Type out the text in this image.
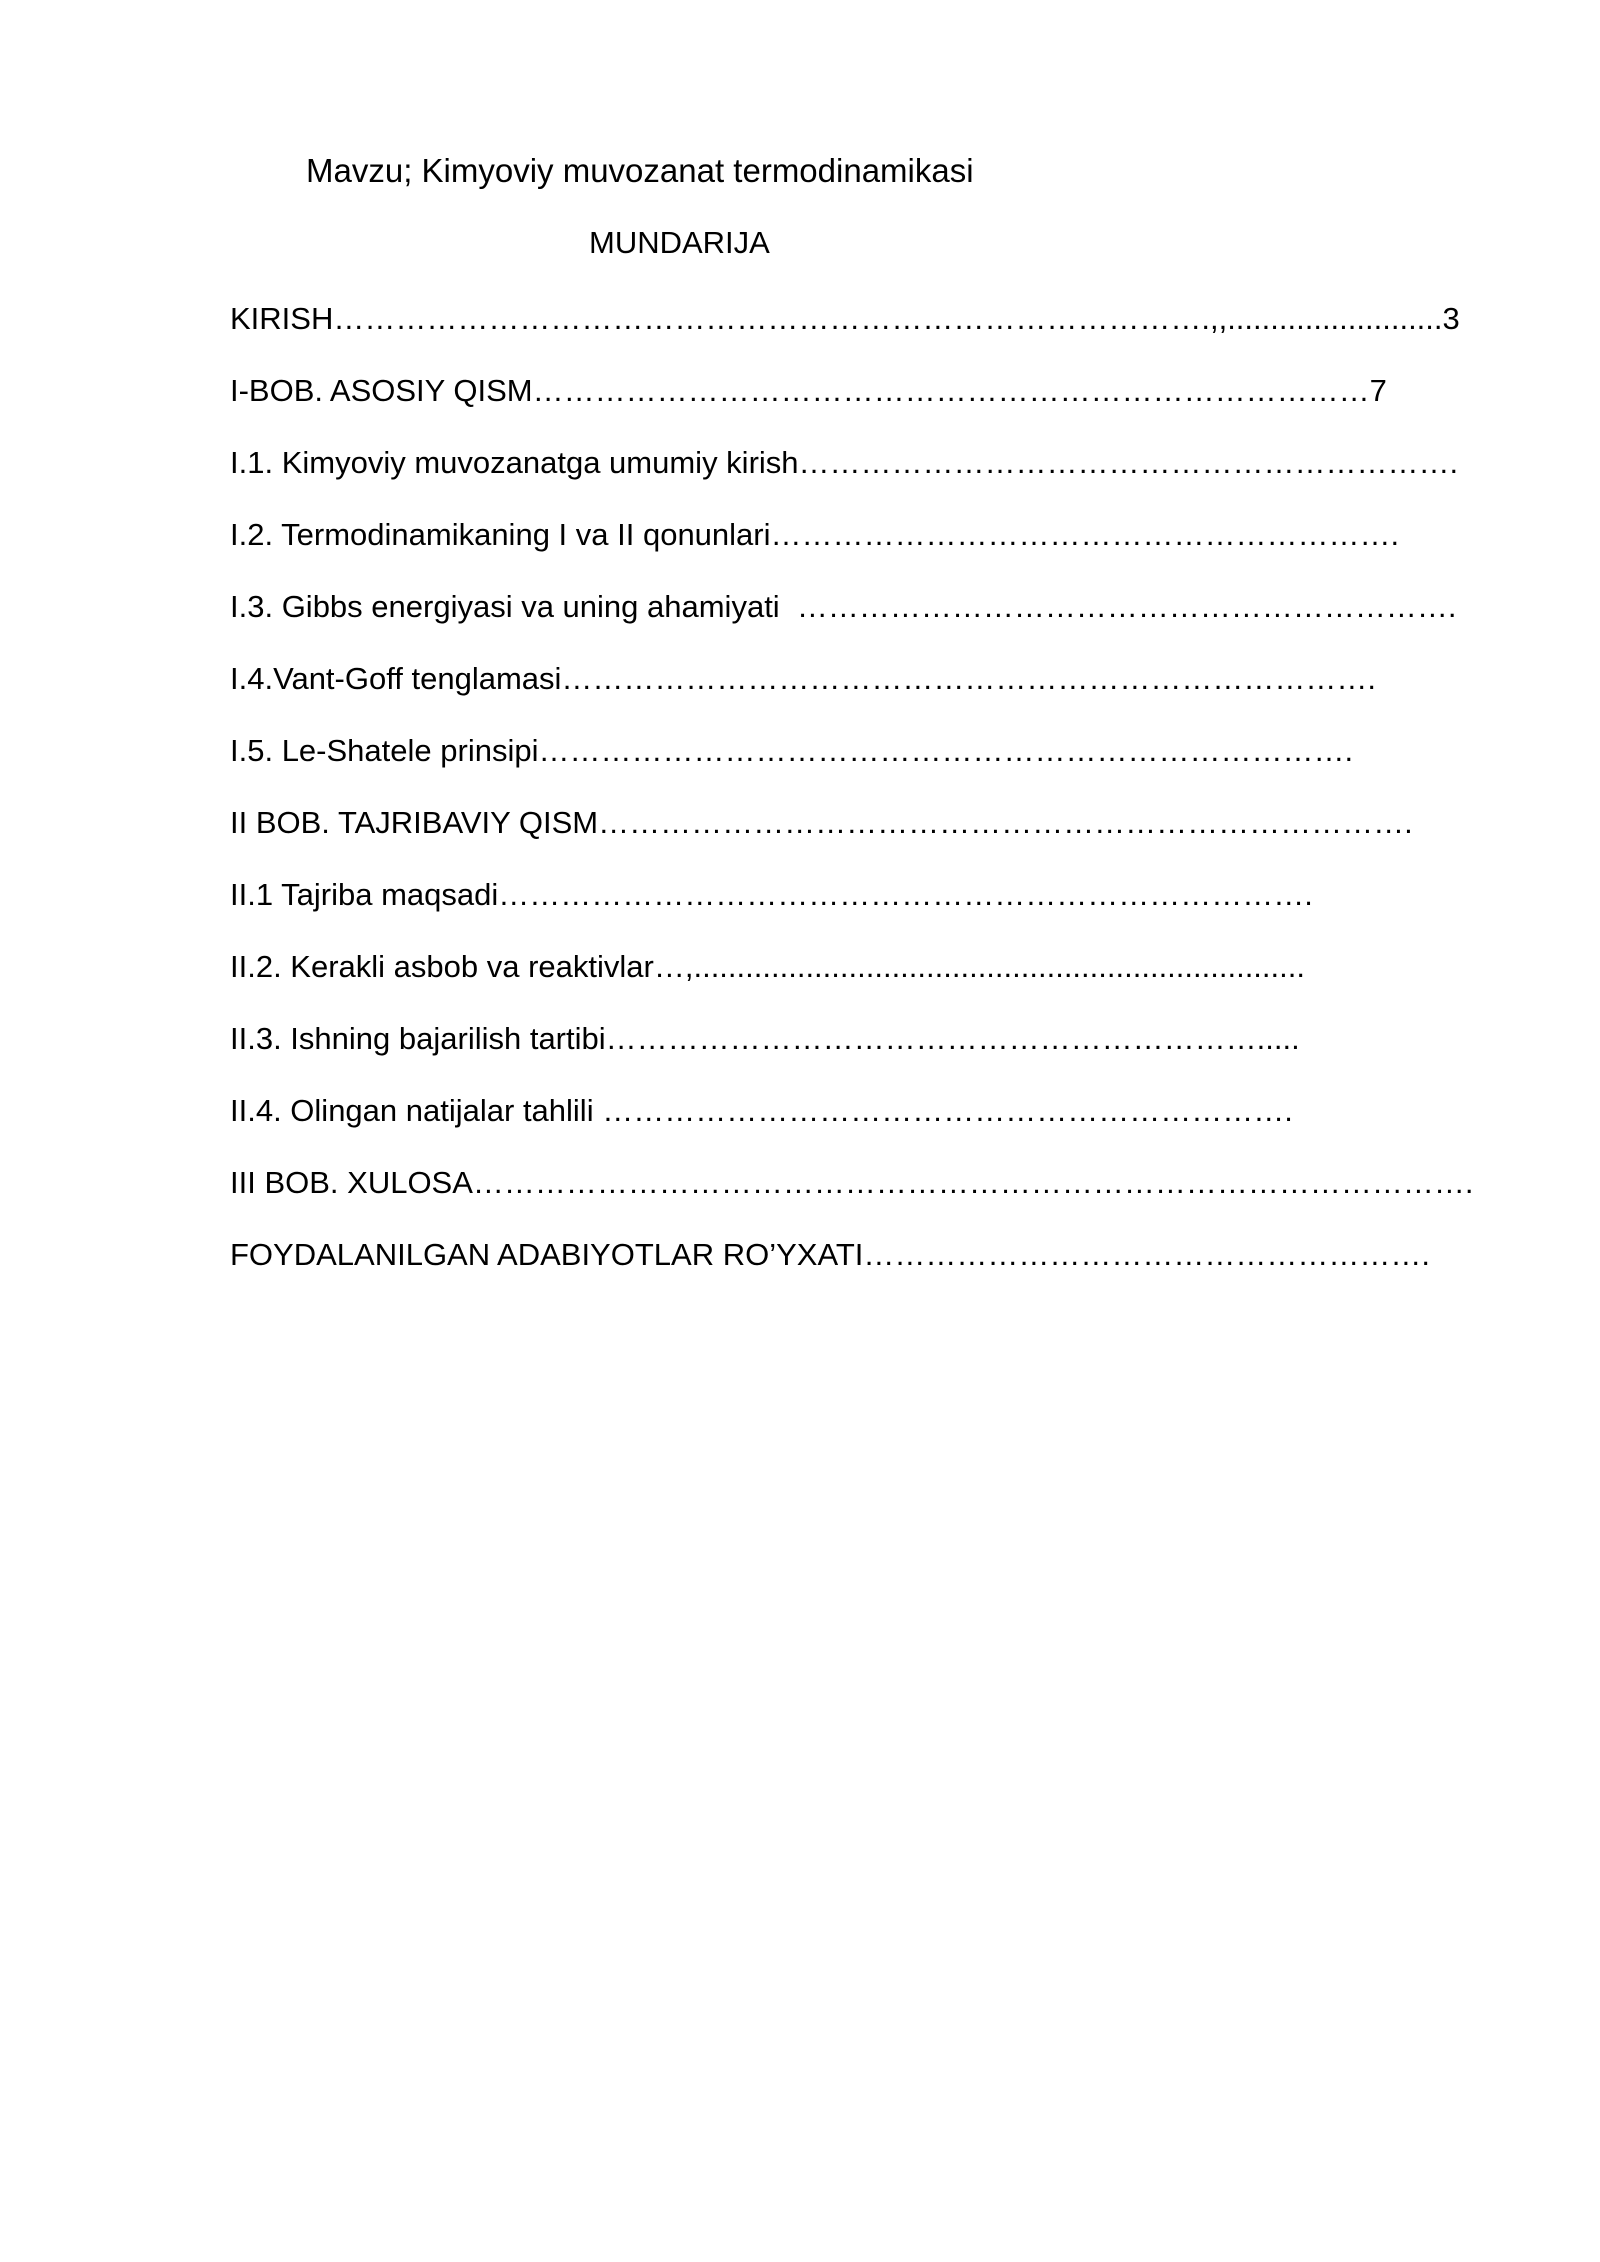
Mavzu; Kimyoviy muvozanat termodinamikasi
MUNDARIJA
KIRISH………………………………………………………………………….,,.........................3
I-BOB. ASOSIY QISM………………………………………………………………………7
I.1. Kimyoviy muvozanatga umumiy kirish……………………………………………………….
I.2. Termodinamikaning I va II qonunlari…………………………………………………….
I.3. Gibbs energiyasi va uning ahamiyati  ……………………………………………………….
I.4.Vant-Goff tenglamasi…………………………………………………………………….
I.5. Le-Shatele prinsipi…………………………………………………………………….
II BOB. TAJRIBAVIY QISM…………………………………………………………………….
II.1 Tajriba maqsadi…………………………………………………………………….
II.2. Kerakli asbob va reaktivlar…,.......................................................................
II.3. Ishning bajarilish tartibi……………………………………………………….....
II.4. Olingan natijalar tahlili ………………………………………………………….
III BOB. XULOSA…………………………………………………………………………………….
FOYDALANILGAN ADABIYOTLAR RO’YXATI……………………………………………….
